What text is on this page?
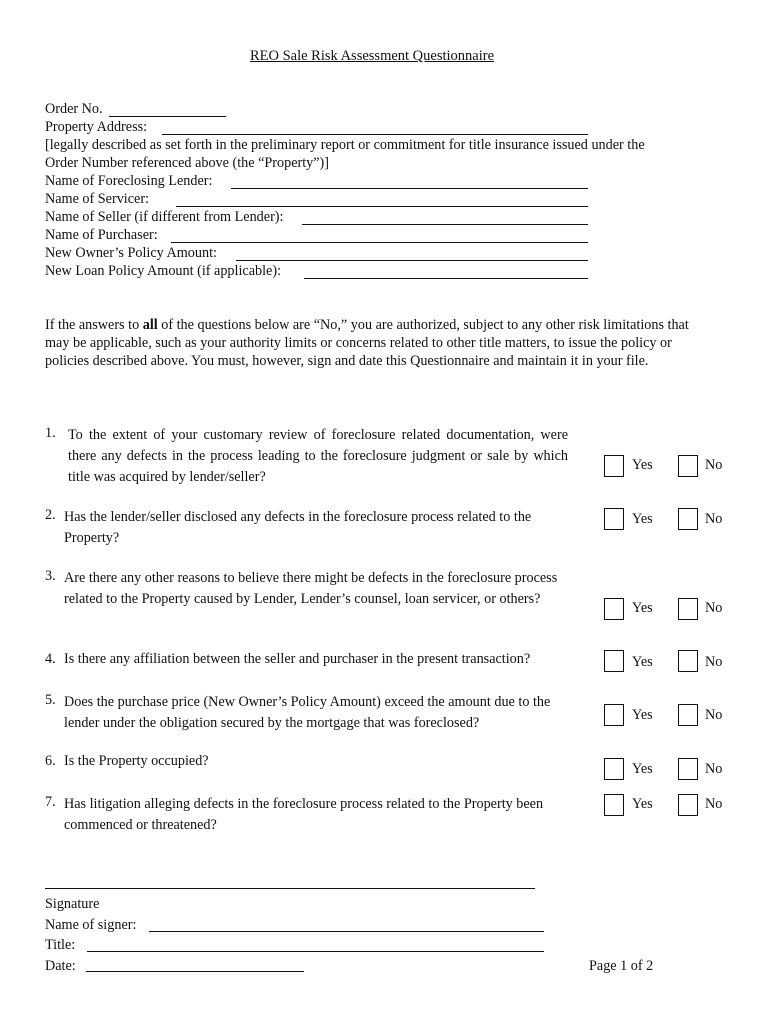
REO Sale Risk Assessment Questionnaire
Order No.
Property Address:
[legally described as set forth in the preliminary report or commitment for title insurance issued under the
Order Number referenced above (the “Property”)]
Name of Foreclosing Lender:
Name of Servicer:
Name of Seller (if different from Lender):
Name of Purchaser:
New Owner’s Policy Amount:
New Loan Policy Amount (if applicable):
If the answers to all of the questions below are “No,” you are authorized, subject to any other risk limitations that may be applicable, such as your authority limits or concerns related to other title matters, to issue the policy or policies described above. You must, however, sign and date this Questionnaire and maintain it in your file.
1. To the extent of your customary review of foreclosure related documentation, were there any defects in the process leading to the foreclosure judgment or sale by which title was acquired by lender/seller?
Yes	No
2. Has the lender/seller disclosed any defects in the foreclosure process related to the Property?
Yes	No
3. Are there any other reasons to believe there might be defects in the foreclosure process related to the Property caused by Lender, Lender’s counsel, loan servicer, or others?
Yes	No
4. Is there any affiliation between the seller and purchaser in the present transaction?	Yes	No
5. Does the purchase price (New Owner’s Policy Amount) exceed the amount due to the lender under the obligation secured by the mortgage that was foreclosed?	Yes	No
6. Is the Property occupied?	Yes	No
7. Has litigation alleging defects in the foreclosure process related to the Property been commenced or threatened?
Yes	No
Signature
Name of signer:
Title:
Date:	Page 1 of 2
